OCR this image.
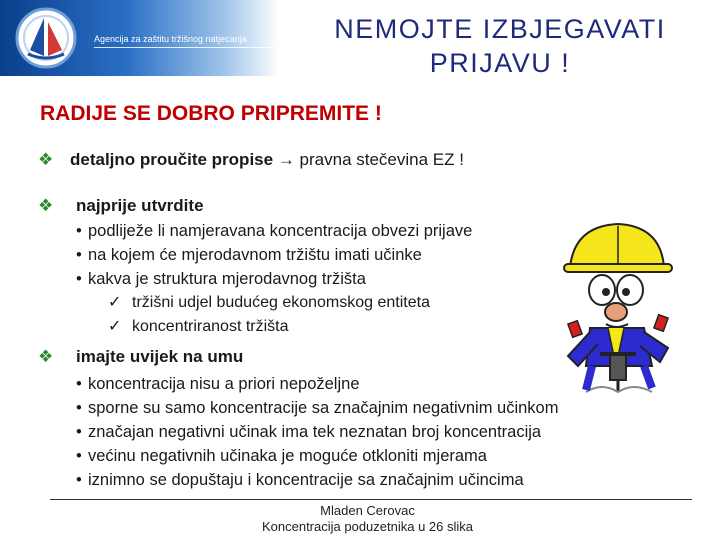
Agencija za zaštitu tržišnog natjecanja	NEMOJTE IZBJEGAVATI
PRIJAVU !
RADIJE SE DOBRO PRIPREMITE !
❖ detaljno proučite propise → pravna stečevina EZ !
❖ najprije utvrdite
• podliježe li namjeravana koncentracija obvezi prijave
• na kojem će mjerodavnom tržištu imati učinke
• kakva je struktura mjerodavnog tržišta
✓ tržišni udjel budućeg ekonomskog entiteta
✓ koncentriranost tržišta
❖ imajte uvijek na umu
• koncentracija nisu a priori nepoželjne
• sporne su samo koncentracije sa značajnim negativnim učinkom
• značajan negativni učinak ima tek neznatan broj koncentracija
• većinu negativnih učinaka je moguće otkloniti mjerama
• iznimno se dopuštaju i koncentracije sa značajnim učincima
Mladen Cerovac
Koncentracija poduzetnika u 26 slika
